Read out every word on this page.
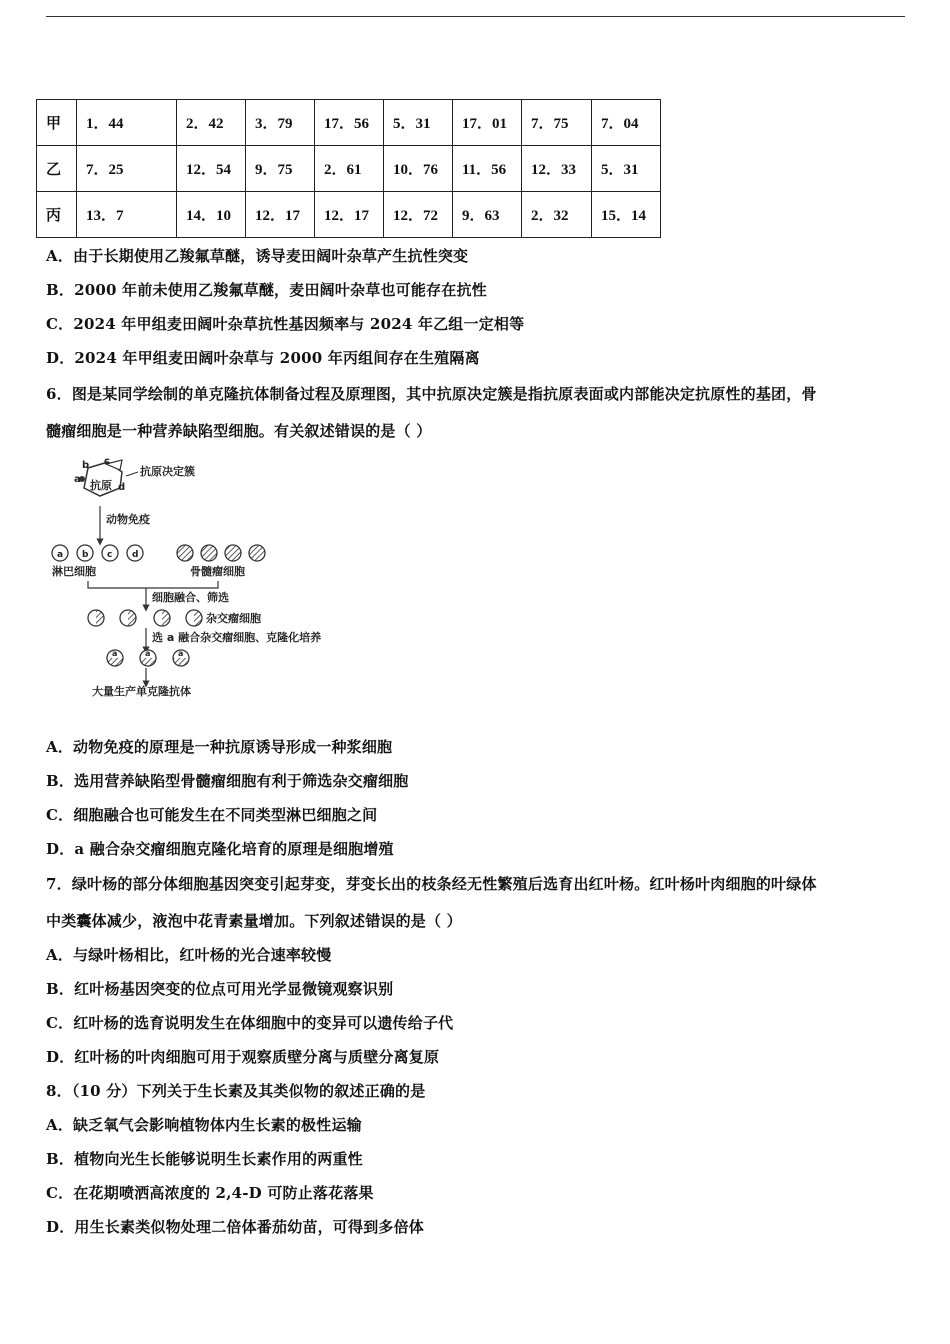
甲	1．44	2．42	3．79	17．56	5．31	17．01	7．75	7．04
乙	7．25	12．54	9．75	2．61	10．76	11．56	12．33	5．31
丙	13．7	14．10	12．17	12．17	12．72	9．63	2．32	15．14
A．由于长期使用乙羧氟草醚，诱导麦田阔叶杂草产生抗性突变
B．2000 年前未使用乙羧氟草醚，麦田阔叶杂草也可能存在抗性
C．2024 年甲组麦田阔叶杂草抗性基因频率与 2024 年乙组一定相等
D．2024 年甲组麦田阔叶杂草与 2000 年丙组间存在生殖隔离
6．图是某同学绘制的单克隆抗体制备过程及原理图，其中抗原决定簇是指抗原表面或内部能决定抗原性的基团，骨
髓瘤细胞是一种营养缺陷型细胞。有关叙述错误的是（ ）
抗原
b c
a
d
抗原决定簇
动物免疫
a b c d
淋巴细胞	骨髓瘤细胞
细胞融合、筛选
杂交瘤细胞
选 a 融合杂交瘤细胞、克隆化培养
a	a	a
大量生产单克隆抗体
A．动物免疫的原理是一种抗原诱导形成一种浆细胞
B．选用营养缺陷型骨髓瘤细胞有利于筛选杂交瘤细胞
C．细胞融合也可能发生在不同类型淋巴细胞之间
D．a 融合杂交瘤细胞克隆化培育的原理是细胞增殖
7．绿叶杨的部分体细胞基因突变引起芽变，芽变长出的枝条经无性繁殖后选育出红叶杨。红叶杨叶肉细胞的叶绿体
中类囊体减少，液泡中花青素量增加。下列叙述错误的是（ ）
A．与绿叶杨相比，红叶杨的光合速率较慢
B．红叶杨基因突变的位点可用光学显微镜观察识别
C．红叶杨的选育说明发生在体细胞中的变异可以遗传给子代
D．红叶杨的叶肉细胞可用于观察质壁分离与质壁分离复原
8．（10 分）下列关于生长素及其类似物的叙述正确的是
A．缺乏氧气会影响植物体内生长素的极性运输
B．植物向光生长能够说明生长素作用的两重性
C．在花期喷洒高浓度的 2,4-D 可防止落花落果
D．用生长素类似物处理二倍体番茄幼苗，可得到多倍体
